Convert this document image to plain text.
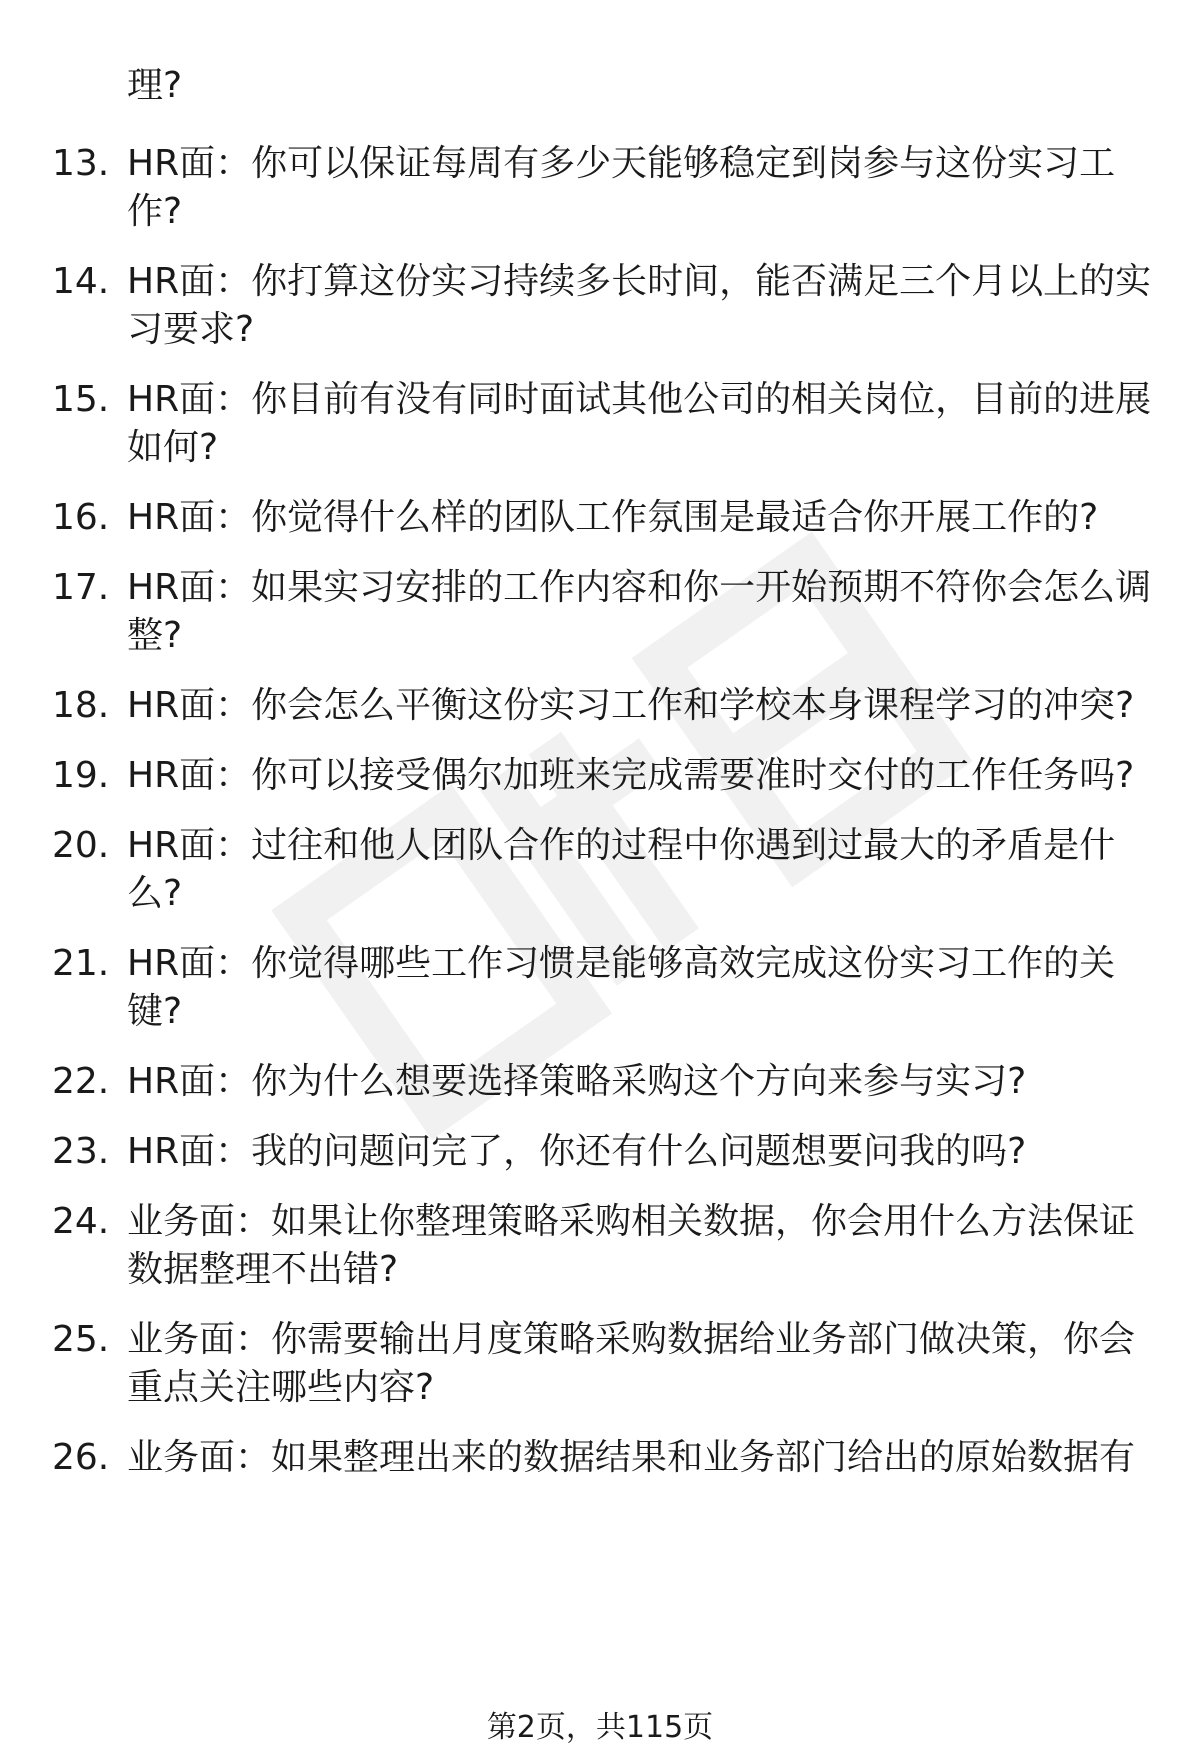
理?

13. HR面：你可以保证每周有多少天能够稳定到岗参与这份实习工
作?
14. HR面：你打算这份实习持续多长时间，能否满足三个月以上的实
习要求?
15. HR面：你目前有没有同时面试其他公司的相关岗位，目前的进展
如何?
16. HR面：你觉得什么样的团队工作氛围是最适合你开展工作的?
17. HR面：如果实习安排的工作内容和你一开始预期不符你会怎么调
整?
18. HR面：你会怎么平衡这份实习工作和学校本身课程学习的冲突?
19. HR面：你可以接受偶尔加班来完成需要准时交付的工作任务吗?
20. HR面：过往和他人团队合作的过程中你遇到过最大的矛盾是什
么?
21. HR面：你觉得哪些工作习惯是能够高效完成这份实习工作的关
键?
22. HR面：你为什么想要选择策略采购这个方向来参与实习?
23. HR面：我的问题问完了，你还有什么问题想要问我的吗?
24. 业务面：如果让你整理策略采购相关数据，你会用什么方法保证
数据整理不出错?
25. 业务面：你需要输出月度策略采购数据给业务部门做决策，你会
重点关注哪些内容?
26. 业务面：如果整理出来的数据结果和业务部门给出的原始数据有

第2页，共115页
